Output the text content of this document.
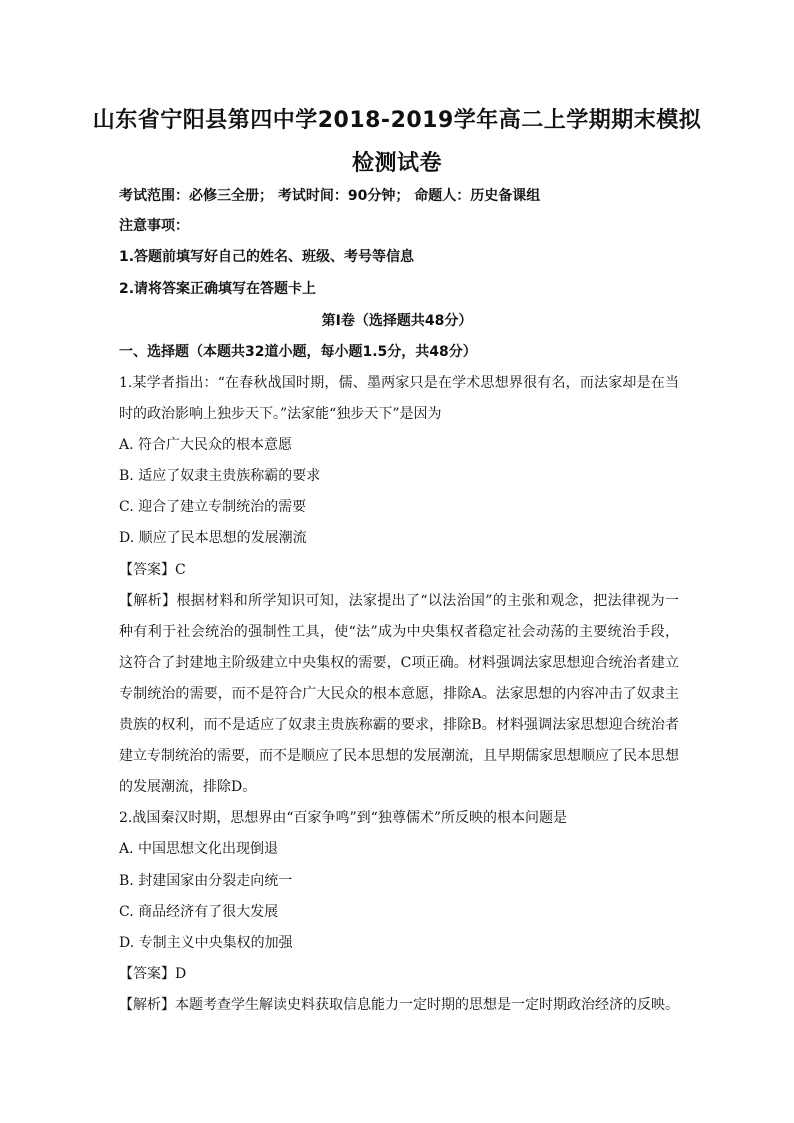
山东省宁阳县第四中学2018-2019学年高二上学期期末模拟
检测试卷
考试范围：必修三全册； 考试时间：90分钟； 命题人：历史备课组
注意事项：
1.答题前填写好自己的姓名、班级、考号等信息
2.请将答案正确填写在答题卡上
第Ⅰ卷（选择题共48分）
一、选择题（本题共32道小题，每小题1.5分，共48分）
1.某学者指出：“在春秋战国时期，儒、墨两家只是在学术思想界很有名，而法家却是在当
时的政治影响上独步天下。”法家能“独步天下”是因为
A. 符合广大民众的根本意愿
B. 适应了奴隶主贵族称霸的要求
C. 迎合了建立专制统治的需要
D. 顺应了民本思想的发展潮流
【答案】C
【解析】根据材料和所学知识可知，法家提出了“以法治国”的主张和观念，把法律视为一
种有利于社会统治的强制性工具，使“法”成为中央集权者稳定社会动荡的主要统治手段，
这符合了封建地主阶级建立中央集权的需要，C项正确。材料强调法家思想迎合统治者建立
专制统治的需要，而不是符合广大民众的根本意愿，排除A。法家思想的内容冲击了奴隶主
贵族的权利，而不是适应了奴隶主贵族称霸的要求，排除B。材料强调法家思想迎合统治者
建立专制统治的需要，而不是顺应了民本思想的发展潮流，且早期儒家思想顺应了民本思想
的发展潮流，排除D。
2.战国秦汉时期，思想界由“百家争鸣”到“独尊儒术”所反映的根本问题是
A. 中国思想文化出现倒退
B. 封建国家由分裂走向统一
C. 商品经济有了很大发展
D. 专制主义中央集权的加强
【答案】D
【解析】本题考查学生解读史料获取信息能力一定时期的思想是一定时期政治经济的反映。
